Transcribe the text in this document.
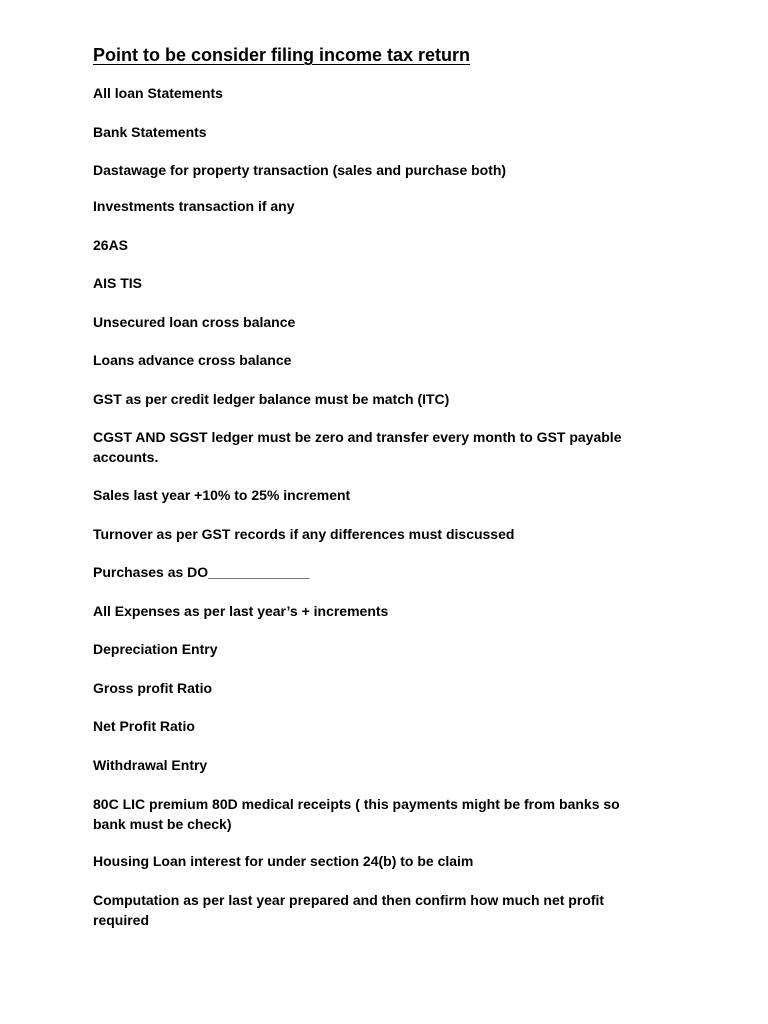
Point to be consider filing income tax return

All loan Statements

Bank Statements

Dastawage for property transaction (sales and purchase both)

Investments transaction if any

26AS

AIS TIS

Unsecured loan cross balance

Loans advance cross balance

GST as per credit ledger balance must be match (ITC)

CGST AND SGST ledger must be zero and transfer every month to GST payable accounts.

Sales last year +10% to 25% increment

Turnover as per GST records if any differences must discussed

Purchases as DO_____________

All Expenses as per last year’s + increments

Depreciation Entry

Gross profit Ratio

Net Profit Ratio

Withdrawal Entry

80C LIC premium 80D medical receipts ( this payments might be from banks so bank must be check)

Housing Loan interest for under section 24(b) to be claim

Computation as per last year prepared and then confirm how much net profit required
